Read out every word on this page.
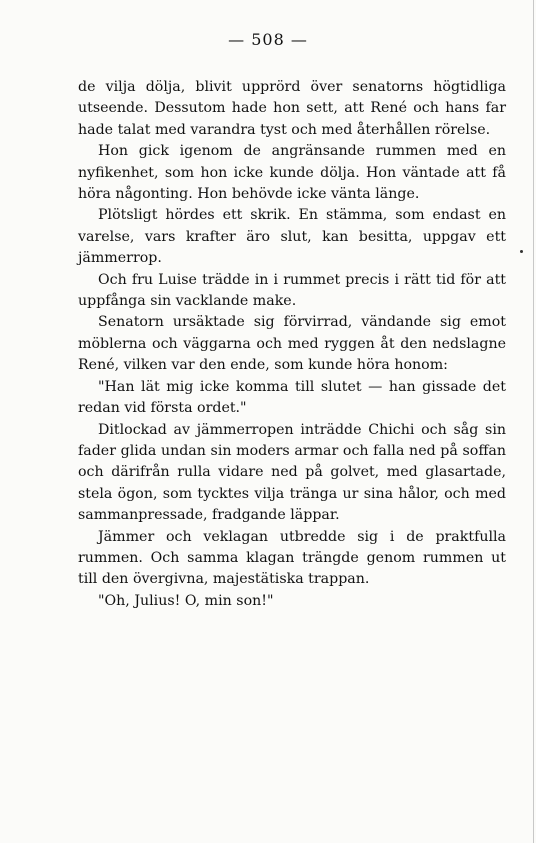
— 508 —

de vilja dölja, blivit upprörd över senatorns högtidliga utseende. Dessutom hade hon sett, att René och hans far hade talat med varandra tyst och med återhållen rörelse.

Hon gick igenom de angränsande rummen med en nyfikenhet, som hon icke kunde dölja. Hon väntade att få höra någonting. Hon behövde icke vänta länge.

Plötsligt hördes ett skrik. En stämma, som endast en varelse, vars krafter äro slut, kan besitta, uppgav ett jämmerrop.

Och fru Luise trädde in i rummet precis i rätt tid för att uppfånga sin vacklande make.

Senatorn ursäktade sig förvirrad, vändande sig emot möblerna och väggarna och med ryggen åt den nedslagne René, vilken var den ende, som kunde höra honom:

"Han lät mig icke komma till slutet — han gissade det redan vid första ordet."

Ditlockad av jämmerropen inträdde Chichi och såg sin fader glida undan sin moders armar och falla ned på soffan och därifrån rulla vidare ned på golvet, med glasartade, stela ögon, som tycktes vilja tränga ur sina hålor, och med sammanpressade, fradgande läppar.

Jämmer och veklagan utbredde sig i de praktfulla rummen. Och samma klagan trängde genom rummen ut till den övergivna, majestätiska trappan.

"Oh, Julius! O, min son!"
